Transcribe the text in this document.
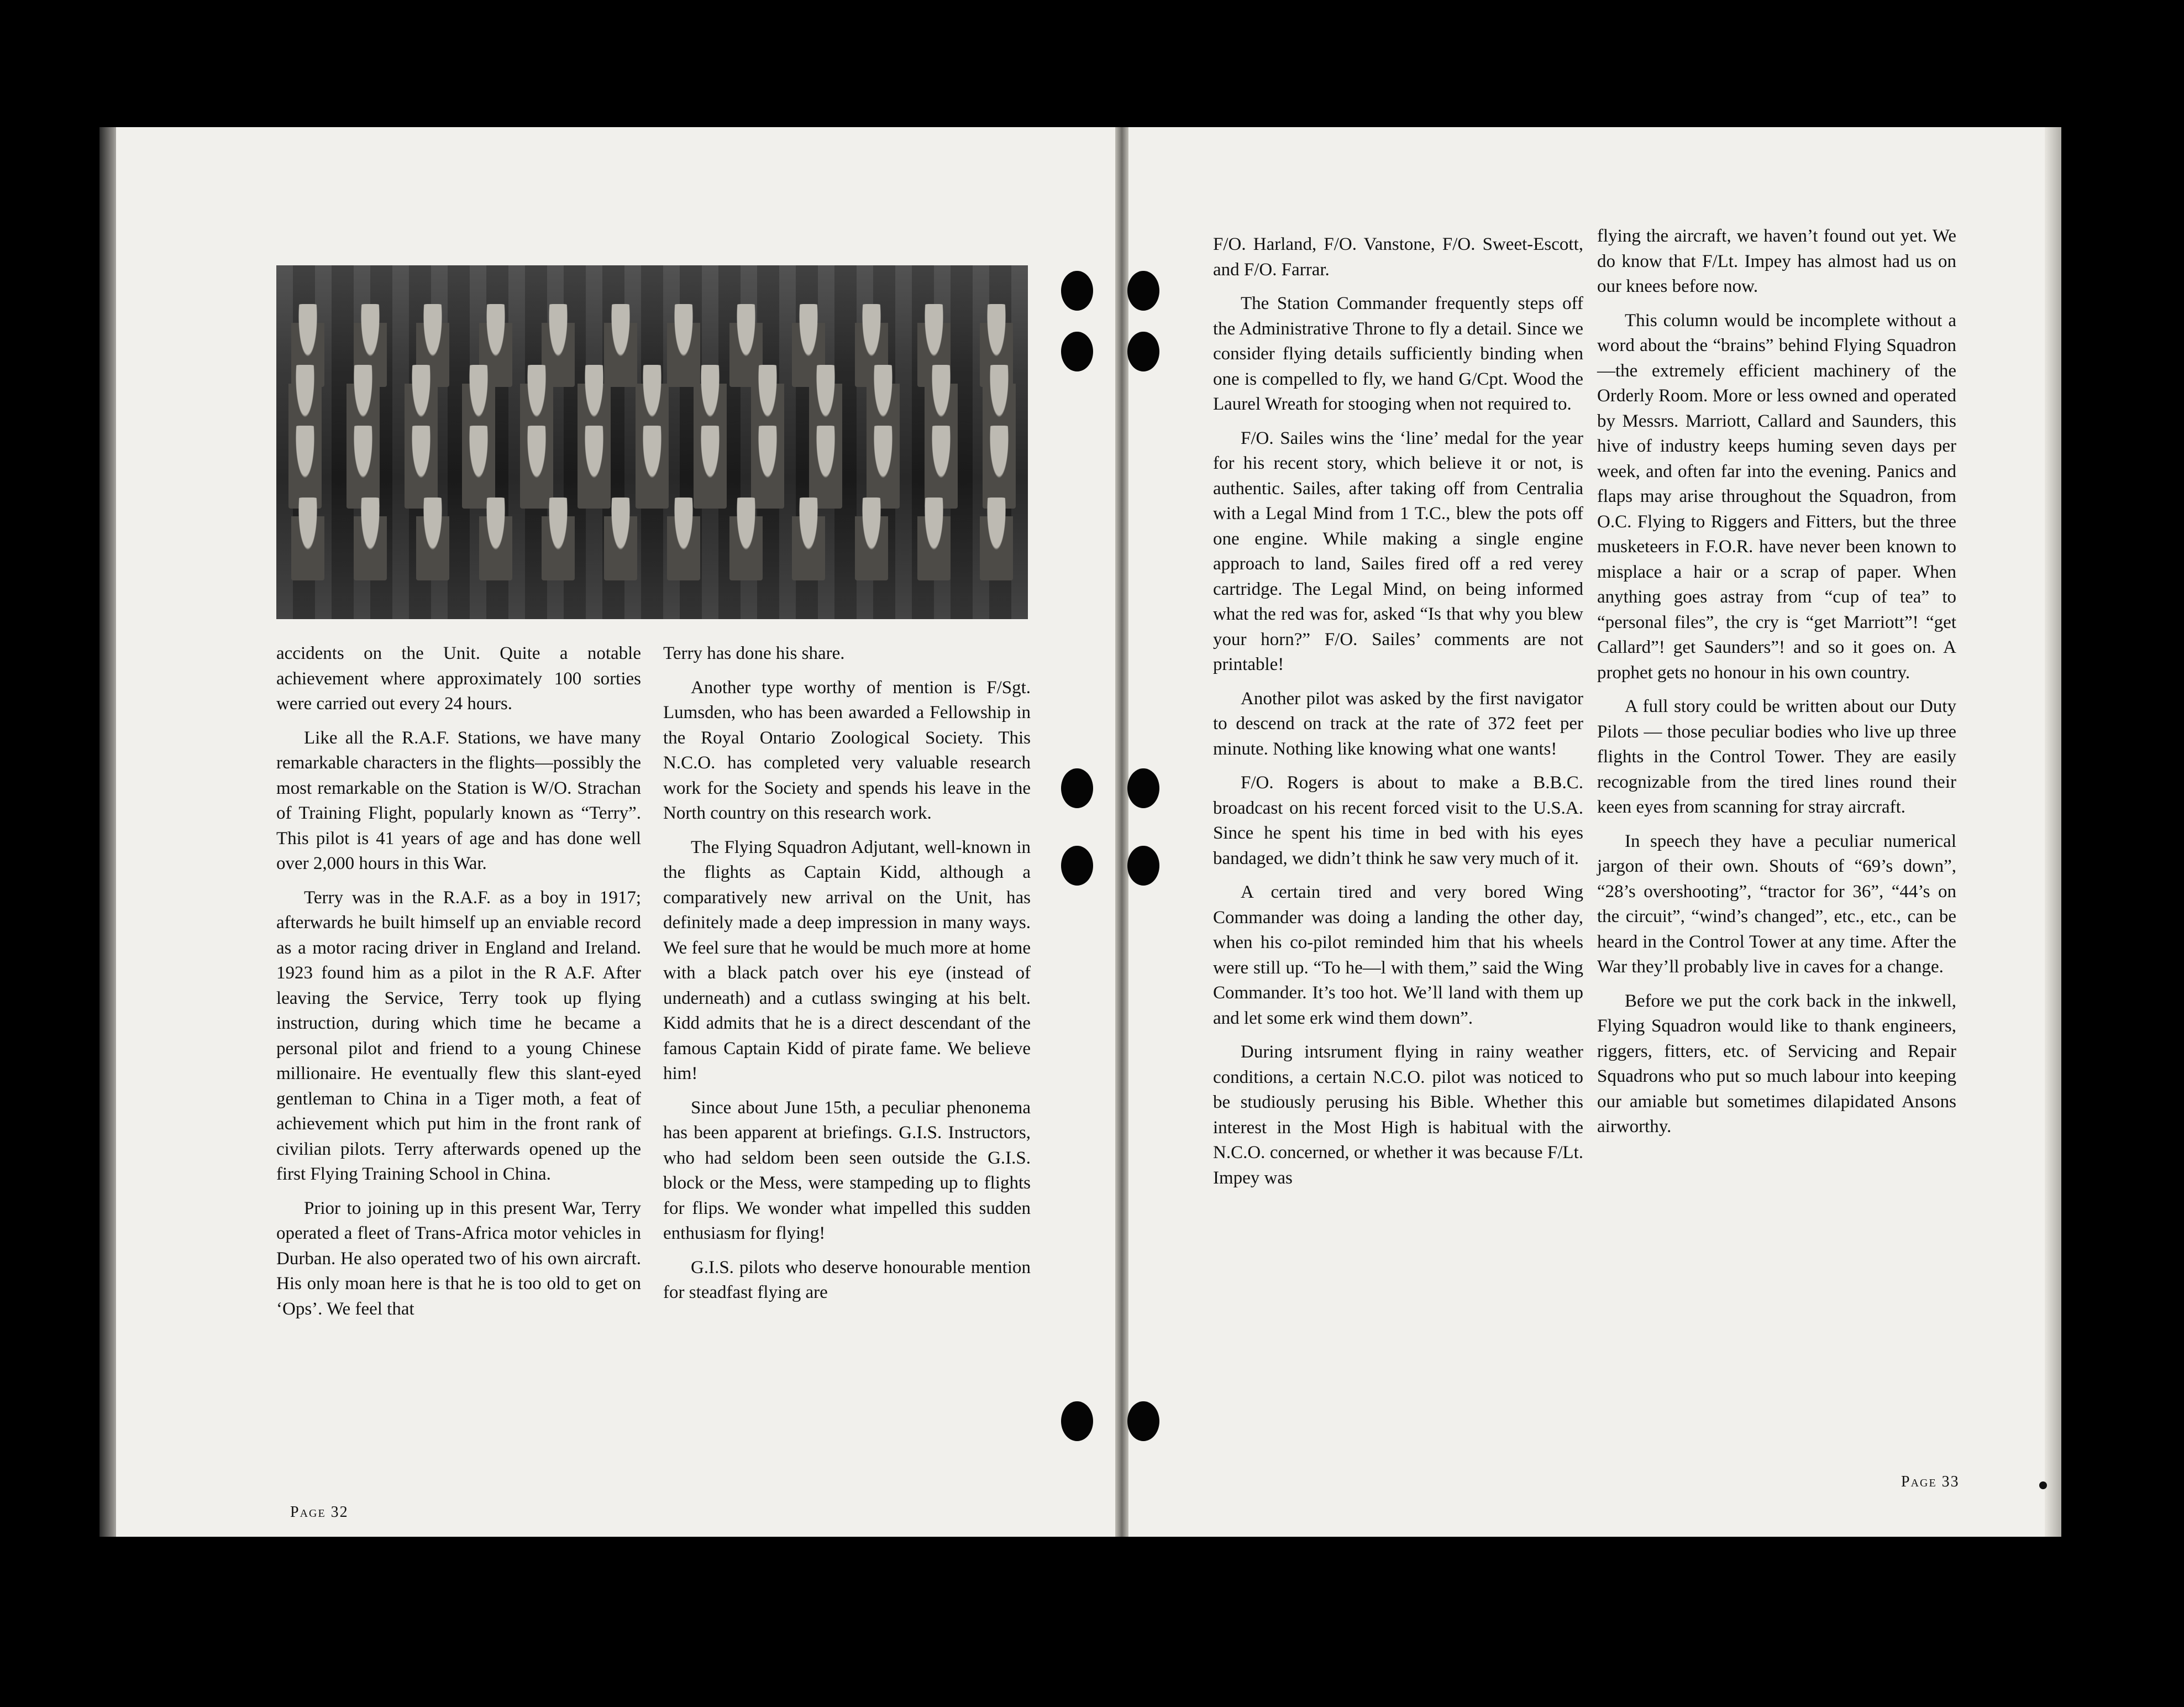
accidents on the Unit. Quite a notable achievement where approximately 100 sorties were carried out every 24 hours.

Like all the R.A.F. Stations, we have many remarkable characters in the flights—possibly the most remarkable on the Station is W/O. Strachan of Training Flight, popularly known as “Terry”. This pilot is 41 years of age and has done well over 2,000 hours in this War.

Terry was in the R.A.F. as a boy in 1917; afterwards he built himself up an enviable record as a motor racing driver in England and Ireland. 1923 found him as a pilot in the R A.F. After leaving the Service, Terry took up flying instruction, during which time he became a personal pilot and friend to a young Chinese millionaire. He eventually flew this slant-eyed gentleman to China in a Tiger moth, a feat of achievement which put him in the front rank of civilian pilots. Terry afterwards opened up the first Flying Training School in China.

Prior to joining up in this present War, Terry operated a fleet of Trans-Africa motor vehicles in Durban. He also operated two of his own aircraft. His only moan here is that he is too old to get on ‘Ops’. We feel that

Terry has done his share.

Another type worthy of mention is F/Sgt. Lumsden, who has been awarded a Fellowship in the Royal Ontario Zoological Society. This N.C.O. has completed very valuable research work for the Society and spends his leave in the North country on this research work.

The Flying Squadron Adjutant, well-known in the flights as Captain Kidd, although a comparatively new arrival on the Unit, has definitely made a deep impression in many ways. We feel sure that he would be much more at home with a black patch over his eye (instead of underneath) and a cutlass swinging at his belt. Kidd admits that he is a direct descendant of the famous Captain Kidd of pirate fame. We believe him!

Since about June 15th, a peculiar phenonema has been apparent at briefings. G.I.S. Instructors, who had seldom been seen outside the G.I.S. block or the Mess, were stampeding up to flights for flips. We wonder what impelled this sudden enthusiasm for flying!

G.I.S. pilots who deserve honourable mention for steadfast flying are

Page 32

F/O. Harland, F/O. Vanstone, F/O. Sweet-Escott, and F/O. Farrar.

The Station Commander frequently steps off the Administrative Throne to fly a detail. Since we consider flying details sufficiently binding when one is compelled to fly, we hand G/Cpt. Wood the Laurel Wreath for stooging when not required to.

F/O. Sailes wins the ‘line’ medal for the year for his recent story, which believe it or not, is authentic. Sailes, after taking off from Centralia with a Legal Mind from 1 T.C., blew the pots off one engine. While making a single engine approach to land, Sailes fired off a red verey cartridge. The Legal Mind, on being informed what the red was for, asked “Is that why you blew your horn?” F/O. Sailes’ comments are not printable!

Another pilot was asked by the first navigator to descend on track at the rate of 372 feet per minute. Nothing like knowing what one wants!

F/O. Rogers is about to make a B.B.C. broadcast on his recent forced visit to the U.S.A. Since he spent his time in bed with his eyes bandaged, we didn’t think he saw very much of it.

A certain tired and very bored Wing Commander was doing a landing the other day, when his co-pilot reminded him that his wheels were still up. “To he—l with them,” said the Wing Commander. It’s too hot. We’ll land with them up and let some erk wind them down”.

During intsrument flying in rainy weather conditions, a certain N.C.O. pilot was noticed to be studiously perusing his Bible. Whether this interest in the Most High is habitual with the N.C.O. concerned, or whether it was because F/Lt. Impey was

flying the aircraft, we haven’t found out yet. We do know that F/Lt. Impey has almost had us on our knees before now.

This column would be incomplete without a word about the “brains” behind Flying Squadron—the extremely efficient machinery of the Orderly Room. More or less owned and operated by Messrs. Marriott, Callard and Saunders, this hive of industry keeps huming seven days per week, and often far into the evening. Panics and flaps may arise throughout the Squadron, from O.C. Flying to Riggers and Fitters, but the three musketeers in F.O.R. have never been known to misplace a hair or a scrap of paper. When anything goes astray from “cup of tea” to “personal files”, the cry is “get Marriott”! “get Callard”! get Saunders”! and so it goes on. A prophet gets no honour in his own country.

A full story could be written about our Duty Pilots — those peculiar bodies who live up three flights in the Control Tower. They are easily recognizable from the tired lines round their keen eyes from scanning for stray aircraft.

In speech they have a peculiar numerical jargon of their own. Shouts of “69’s down”, “28’s overshooting”, “tractor for 36”, “44’s on the circuit”, “wind’s changed”, etc., etc., can be heard in the Control Tower at any time. After the War they’ll probably live in caves for a change.

Before we put the cork back in the inkwell, Flying Squadron would like to thank engineers, riggers, fitters, etc. of Servicing and Repair Squadrons who put so much labour into keeping our amiable but sometimes dilapidated Ansons airworthy.

Page 33
